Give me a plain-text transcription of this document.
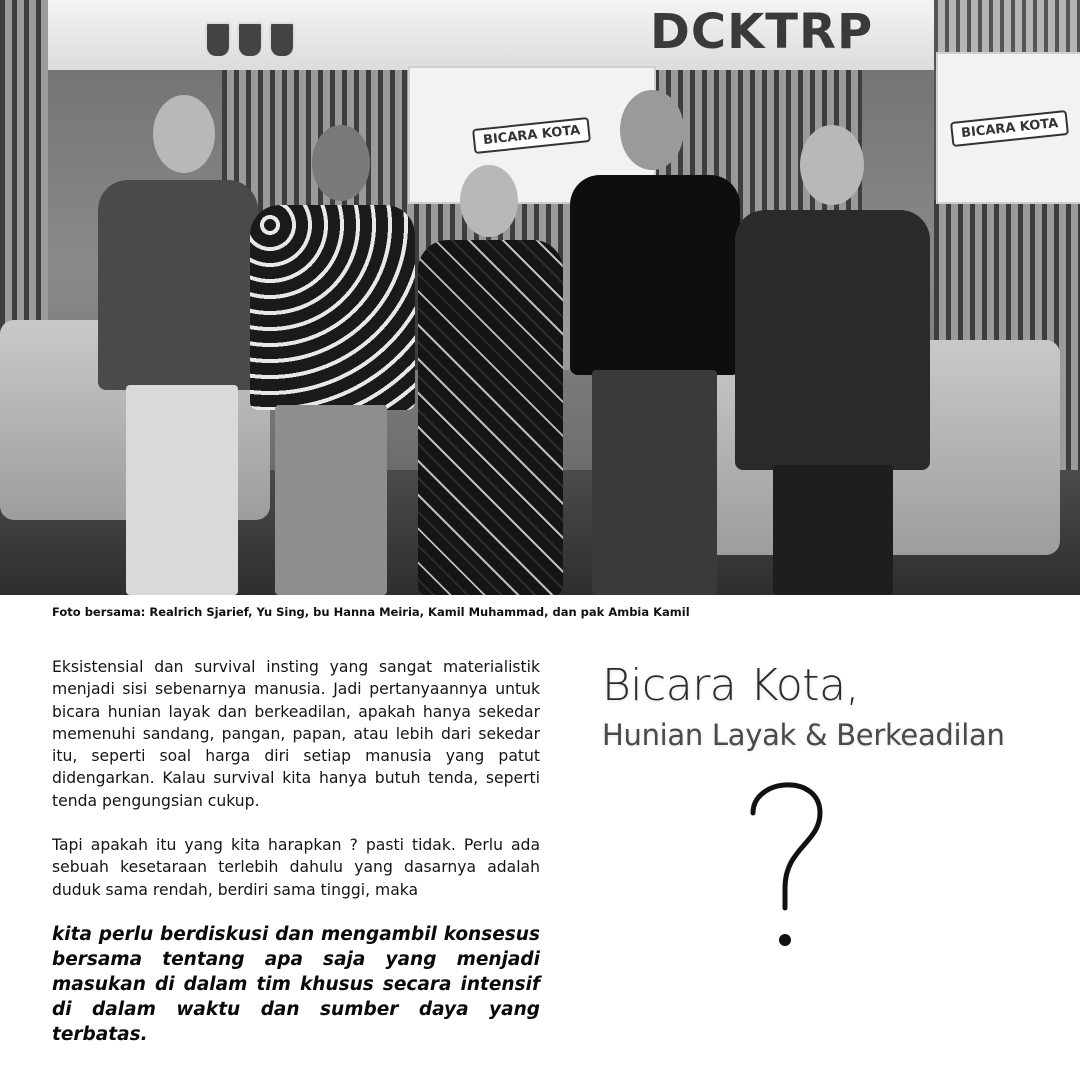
DCKTRP
BICARA KOTA	BICARA KOTA
Foto bersama: Realrich Sjarief, Yu Sing, bu Hanna Meiria, Kamil Muhammad, dan pak Ambia Kamil

Eksistensial dan survival insting yang sangat materialistik menjadi sisi sebenarnya manusia. Jadi pertanyaannya untuk bicara hunian layak dan berkeadilan, apakah hanya sekedar memenuhi sandang, pangan, papan, atau lebih dari sekedar itu, seperti soal harga diri setiap manusia yang patut didengarkan. Kalau survival kita hanya butuh tenda, seperti tenda pengungsian cukup.

Tapi apakah itu yang kita harapkan ? pasti tidak. Perlu ada sebuah kesetaraan terlebih dahulu yang dasarnya adalah duduk sama rendah, berdiri sama tinggi, maka

kita perlu berdiskusi dan mengambil konsesus bersama tentang apa saja yang menjadi masukan di dalam tim khusus secara intensif di dalam waktu dan sumber daya yang terbatas.
Bicara Kota,
Hunian Layak & Berkeadilan
